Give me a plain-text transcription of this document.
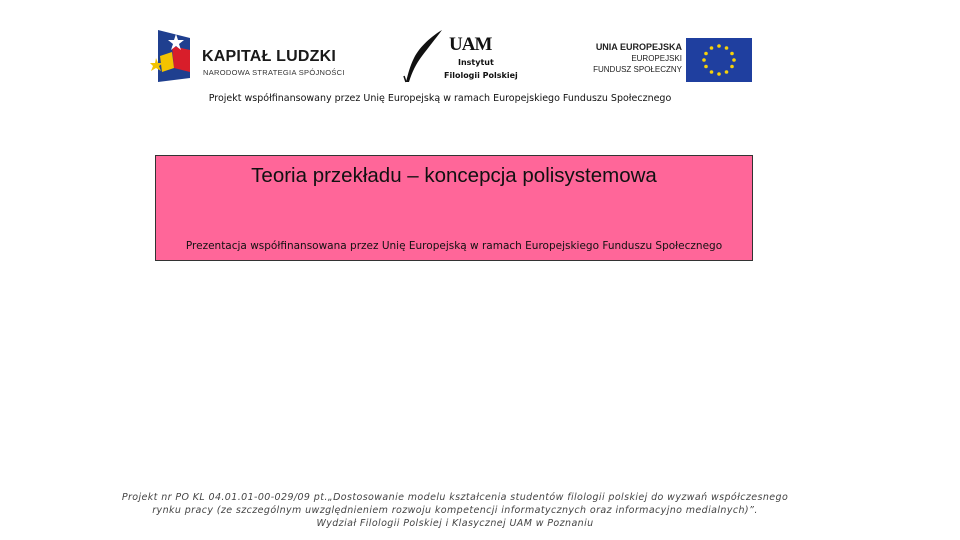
KAPITAŁ LUDZKI
NARODOWA STRATEGIA SPÓJNOŚCI
UAM
Instytut
Filologii Polskiej
UNIA EUROPEJSKA
EUROPEJSKI
FUNDUSZ SPOŁECZNY
Projekt współfinansowany przez Unię Europejską w ramach Europejskiego Funduszu Społecznego
Teoria przekładu – koncepcja polisystemowa
Prezentacja współfinansowana przez Unię Europejską w ramach Europejskiego Funduszu Społecznego
Projekt nr PO KL 04.01.01-00-029/09 pt.„Dostosowanie modelu kształcenia studentów filologii polskiej do wyzwań współczesnego
rynku pracy (ze szczególnym uwzględnieniem rozwoju kompetencji informatycznych oraz informacyjno medialnych)”.
Wydział Filologii Polskiej i Klasycznej UAM w Poznaniu
